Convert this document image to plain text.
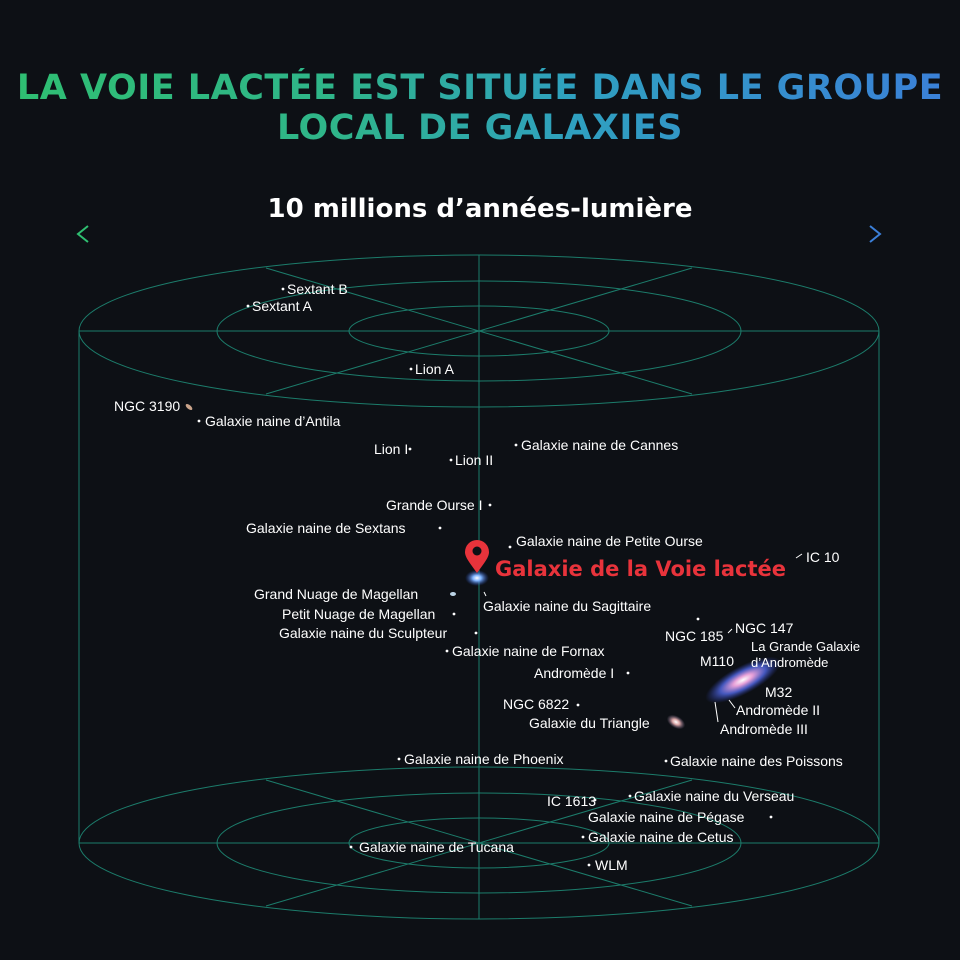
LA VOIE LACTÉE EST SITUÉE DANS LE GROUPE
LOCAL DE GALAXIES
10 millions d’années-lumière
Galaxie de la Voie lactée
Sextant B
Sextant A
Lion A
NGC 3190
Galaxie naine d’Antila
Lion I
Lion II
Galaxie naine de Cannes
Grande Ourse I
Galaxie naine de Sextans
Galaxie naine de Petite Ourse
IC 10
Grand Nuage de Magellan
Galaxie naine du Sagittaire
Petit Nuage de Magellan
Galaxie naine du Sculpteur	NGC 185 NGC 147
Galaxie naine de Fornax	La Grande Galaxie
d’Andromède
M110
Andromède I
M32
NGC 6822	Andromède II
Galaxie du Triangle	Andromède III
Galaxie naine de Phoenix	Galaxie naine des Poissons
Galaxie naine du Verseau
IC 1613
Galaxie naine de Pégase
Galaxie naine de Cetus
Galaxie naine de Tucana
WLM
